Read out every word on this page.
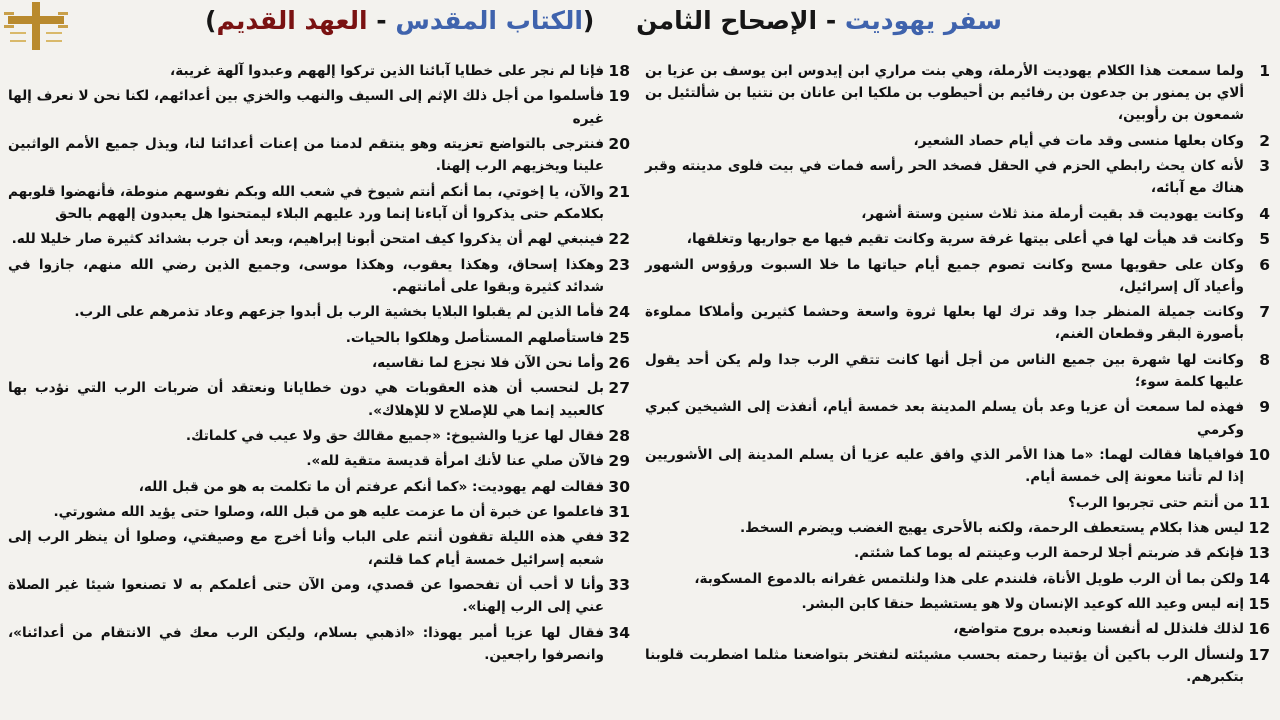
(الكتاب المقدس - العهد القديم)	سفر يهوديت - الإصحاح الثامن
1
ولما سمعت هذا الكلام يهوديت الأرملة، وهي بنت مراري ابن إيدوس ابن يوسف بن عزيا بن ألاي بن يمنور بن جدعون بن رفائيم بن أحيطوب بن ملكيا ابن عانان بن نتنيا بن شألتئيل بن شمعون بن رأوبين،
2
وكان بعلها منسى وقد مات في أيام حصاد الشعير،
3
لأنه كان يحث رابطي الحزم في الحقل فصخد الحر رأسه فمات في بيت فلوى مدينته وقبر هناك مع آبائه،
4
وكانت يهوديت قد بقيت أرملة منذ ثلاث سنين وستة أشهر،
5
وكانت قد هيأت لها في أعلى بيتها غرفة سرية وكانت تقيم فيها مع جواريها وتغلقها،
6
وكان على حقويها مسح وكانت تصوم جميع أيام حياتها ما خلا السبوت ورؤوس الشهور وأعياد آل إسرائيل،
7
وكانت جميلة المنظر جدا وقد ترك لها بعلها ثروة واسعة وحشما كثيرين وأملاكا مملوءة بأصورة البقر وقطعان الغنم،
8
وكانت لها شهرة بين جميع الناس من أجل أنها كانت تتقي الرب جدا ولم يكن أحد يقول عليها كلمة سوء؛
9
فهذه لما سمعت أن عزيا وعد بأن يسلم المدينة بعد خمسة أيام، أنفذت إلى الشيخين كبري وكرمي
10
فوافياها فقالت لهما: «ما هذا الأمر الذي وافق عليه عزيا أن يسلم المدينة إلى الأشوريين إذا لم تأتنا معونة إلى خمسة أيام.
11
من أنتم حتى تجربوا الرب؟
12
ليس هذا بكلام يستعطف الرحمة، ولكنه بالأحرى يهيج الغضب ويضرم السخط.
13
فإنكم قد ضربتم أجلا لرحمة الرب وعينتم له يوما كما شئتم.
14
ولكن بما أن الرب طويل الأناة، فلنندم على هذا ولنلتمس غفرانه بالدموع المسكوبة،
15
إنه ليس وعيد الله كوعيد الإنسان ولا هو يستشيط حنقا كابن البشر.
16
لذلك فلنذلل له أنفسنا ونعبده بروح متواضع،
17
ولنسأل الرب باكين أن يؤتينا رحمته بحسب مشيئته لنفتخر بتواضعنا مثلما اضطربت قلوبنا بتكبرهم.
18
فإنا لم نجر على خطايا آبائنا الذين تركوا إلههم وعبدوا آلهة غريبة،
19
فأسلموا من أجل ذلك الإثم إلى السيف والنهب والخزي بين أعدائهم، لكنا نحن لا نعرف إلها غيره
20
فنترجى بالتواضع تعزيته وهو ينتقم لدمنا من إعنات أعدائنا لنا، ويذل جميع الأمم الواثبين علينا ويخزيهم الرب إلهنا.
21
والآن، يا إخوتي، بما أنكم أنتم شيوخ في شعب الله وبكم نفوسهم منوطة، فأنهضوا قلوبهم بكلامكم حتى يذكروا أن آباءنا إنما ورد عليهم البلاء ليمتحنوا هل يعبدون إلههم بالحق
22
فينبغي لهم أن يذكروا كيف امتحن أبونا إبراهيم، وبعد أن جرب بشدائد كثيرة صار خليلا لله.
23
وهكذا إسحاق، وهكذا يعقوب، وهكذا موسى، وجميع الذين رضي الله منهم، جازوا في شدائد كثيرة وبقوا على أمانتهم.
24
فأما الذين لم يقبلوا البلايا بخشية الرب بل أبدوا جزعهم وعاد تذمرهم على الرب.
25
فاستأصلهم المستأصل وهلكوا بالحيات.
26
وأما نحن الآن فلا نجزع لما نقاسيه،
27
بل لنحسب أن هذه العقوبات هي دون خطايانا ونعتقد أن ضربات الرب التي نؤدب بها كالعبيد إنما هي للإصلاح لا للإهلاك».
28
فقال لها عزيا والشيوخ: «جميع مقالك حق ولا عيب في كلماتك.
29
فالآن صلي عنا لأنك امرأة قديسة متقية لله».
30
فقالت لهم يهوديت: «كما أنكم عرفتم أن ما تكلمت به هو من قبل الله،
31
فاعلموا عن خبرة أن ما عزمت عليه هو من قبل الله، وصلوا حتى يؤيد الله مشورتي.
32
ففي هذه الليلة تقفون أنتم على الباب وأنا أخرج مع وصيفتي، وصلوا أن ينظر الرب إلى شعبه إسرائيل خمسة أيام كما قلتم،
33
وأنا لا أحب أن تفحصوا عن قصدي، ومن الآن حتى أعلمكم به لا تصنعوا شيئا غير الصلاة عني إلى الرب إلهنا».
34
فقال لها عزيا أمير يهوذا: «اذهبي بسلام، وليكن الرب معك في الانتقام من أعدائنا»، وانصرفوا راجعين.
